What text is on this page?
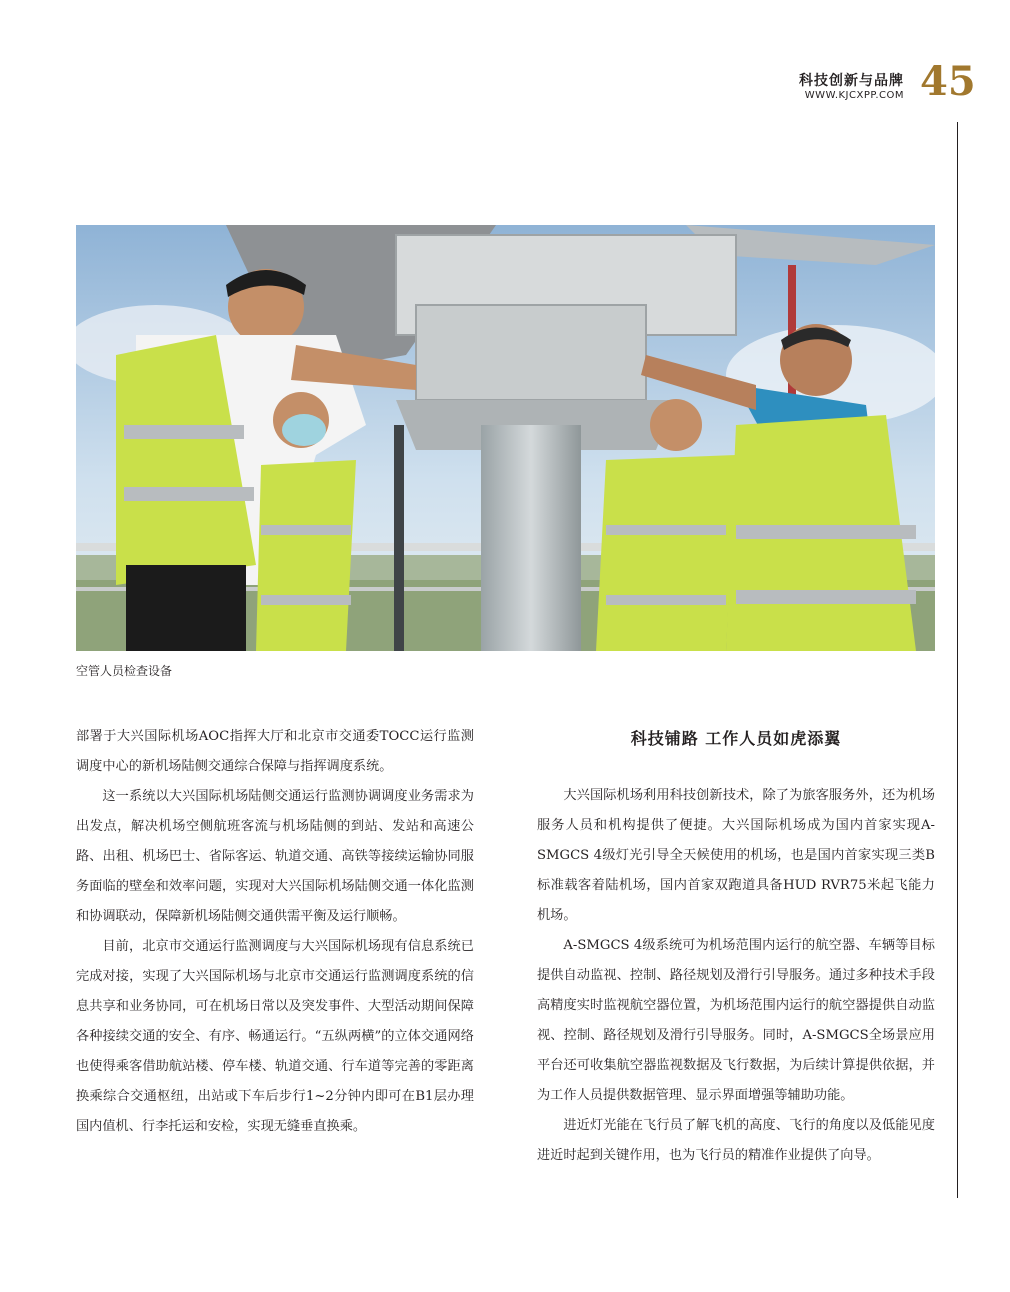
科技创新与品牌
WWW.KJCXPP.COM 45
空管人员检查设备

部署于大兴国际机场AOC指挥大厅和北京市交通委TOCC运行监测调度中心的新机场陆侧交通综合保障与指挥调度系统。

这一系统以大兴国际机场陆侧交通运行监测协调调度业务需求为出发点，解决机场空侧航班客流与机场陆侧的到站、发站和高速公路、出租、机场巴士、省际客运、轨道交通、高铁等接续运输协同服务面临的壁垒和效率问题，实现对大兴国际机场陆侧交通一体化监测和协调联动，保障新机场陆侧交通供需平衡及运行顺畅。

目前，北京市交通运行监测调度与大兴国际机场现有信息系统已完成对接，实现了大兴国际机场与北京市交通运行监测调度系统的信息共享和业务协同，可在机场日常以及突发事件、大型活动期间保障各种接续交通的安全、有序、畅通运行。“五纵两横”的立体交通网络也使得乘客借助航站楼、停车楼、轨道交通、行车道等完善的零距离换乘综合交通枢纽，出站或下车后步行1~2分钟内即可在B1层办理国内值机、行李托运和安检，实现无缝垂直换乘。

科技铺路 工作人员如虎添翼

大兴国际机场利用科技创新技术，除了为旅客服务外，还为机场服务人员和机构提供了便捷。大兴国际机场成为国内首家实现A-SMGCS 4级灯光引导全天候使用的机场，也是国内首家实现三类B标准载客着陆机场，国内首家双跑道具备HUD RVR75米起飞能力机场。

A-SMGCS 4级系统可为机场范围内运行的航空器、车辆等目标提供自动监视、控制、路径规划及滑行引导服务。通过多种技术手段高精度实时监视航空器位置，为机场范围内运行的航空器提供自动监视、控制、路径规划及滑行引导服务。同时，A-SMGCS全场景应用平台还可收集航空器监视数据及飞行数据，为后续计算提供依据，并为工作人员提供数据管理、显示界面增强等辅助功能。

进近灯光能在飞行员了解飞机的高度、飞行的角度以及低能见度进近时起到关键作用，也为飞行员的精准作业提供了向导。
